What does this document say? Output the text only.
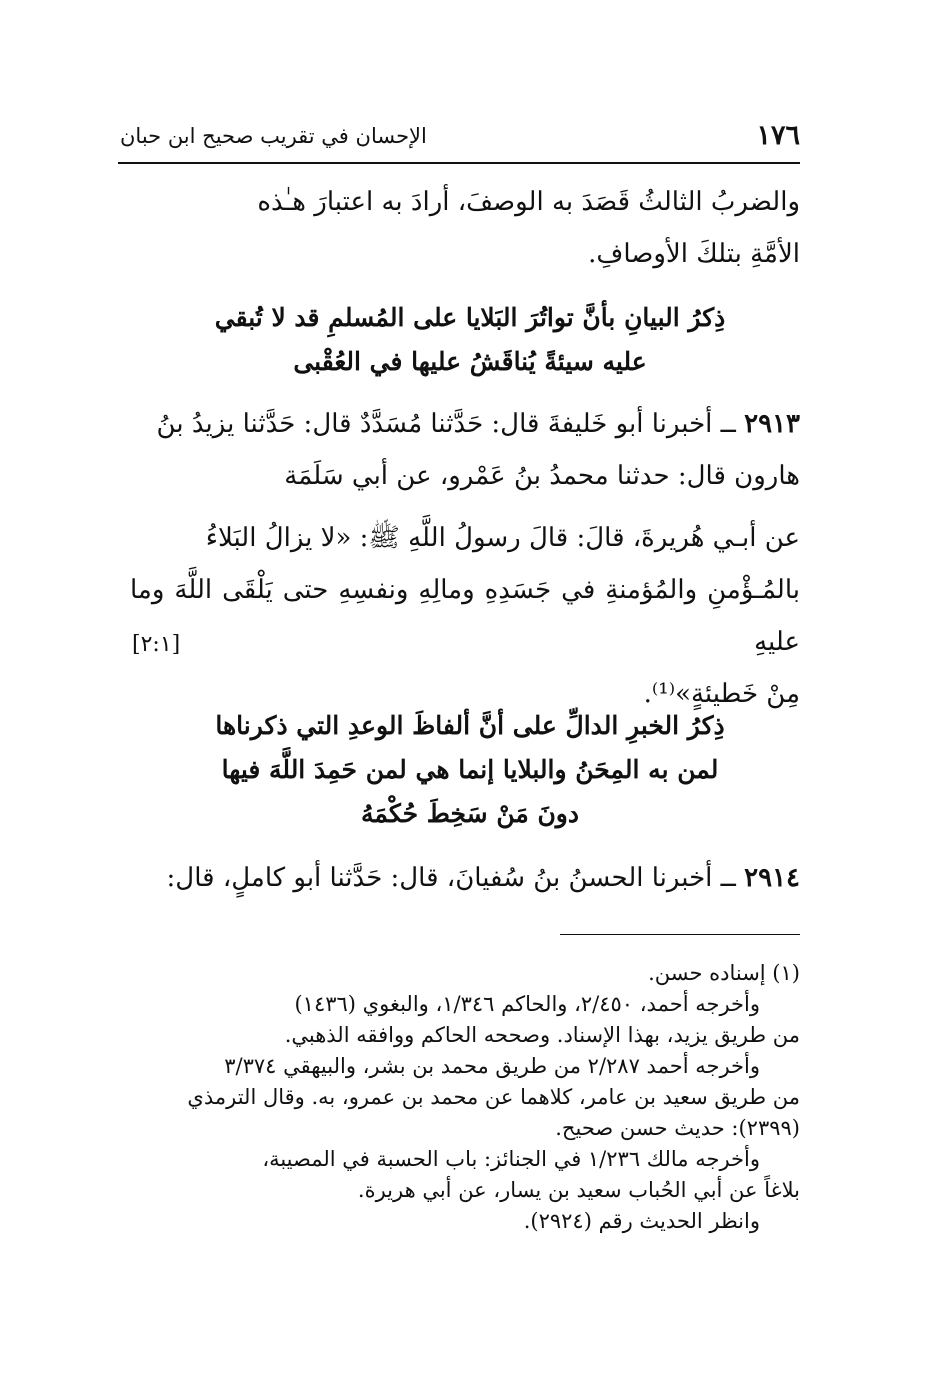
١٧٦
الإحسان في تقريب صحيح ابن حبان
والضربُ الثالثُ قَصَدَ به الوصفَ، أرادَ به اعتبارَ هـٰذه
الأمَّةِ بتلكَ الأوصافِ.
ذِكرُ البيانِ بأنَّ تواتُرَ البَلايا على المُسلمِ قد لا تُبقي
عليه سيئةً يُناقَشُ عليها في العُقْبى
٢٩١٣ ــ أخبرنا أبو خَليفةَ قال: حَدَّثنا مُسَدَّدٌ قال: حَدَّثنا يزيدُ بنُ
هارون قال: حدثنا محمدُ بنُ عَمْرو، عن أبي سَلَمَة
عن أبـي هُريرةَ، قالَ: قالَ رسولُ اللَّهِ ﷺ: «لا يزالُ البَلاءُ
بالمُـؤْمنِ والمُؤمنةِ في جَسَدِهِ ومالِهِ ونفسِهِ حتى يَلْقَى اللَّهَ وما عليهِ
مِنْ خَطيئةٍ»⁽¹⁾.
[٢:١]
ذِكرُ الخبرِ الدالِّ على أنَّ ألفاظَ الوعدِ التي ذكرناها
لمن به المِحَنُ والبلايا إنما هي لمن حَمِدَ اللَّهَ فيها
دونَ مَنْ سَخِطَ حُكْمَهُ
٢٩١٤ ــ أخبرنا الحسنُ بنُ سُفيانَ، قال: حَدَّثنا أبو كاملٍ، قال:

(١) إسناده حسن.

وأخرجه أحمد، ٢/٤٥٠، والحاكم ١/٣٤٦، والبغوي (١٤٣٦)

من طريق يزيد، بهذا الإسناد. وصححه الحاكم ووافقه الذهبي.

وأخرجه أحمد ٢/٢٨٧ من طريق محمد بن بشر، والبيهقي ٣/٣٧٤

من طريق سعيد بن عامر، كلاهما عن محمد بن عمرو، به. وقال الترمذي

(٢٣٩٩): حديث حسن صحيح.

وأخرجه مالك ١/٢٣٦ في الجنائز: باب الحسبة في المصيبة،

بلاغاً عن أبي الحُباب سعيد بن يسار، عن أبي هريرة.

وانظر الحديث رقم (٢٩٢٤).
